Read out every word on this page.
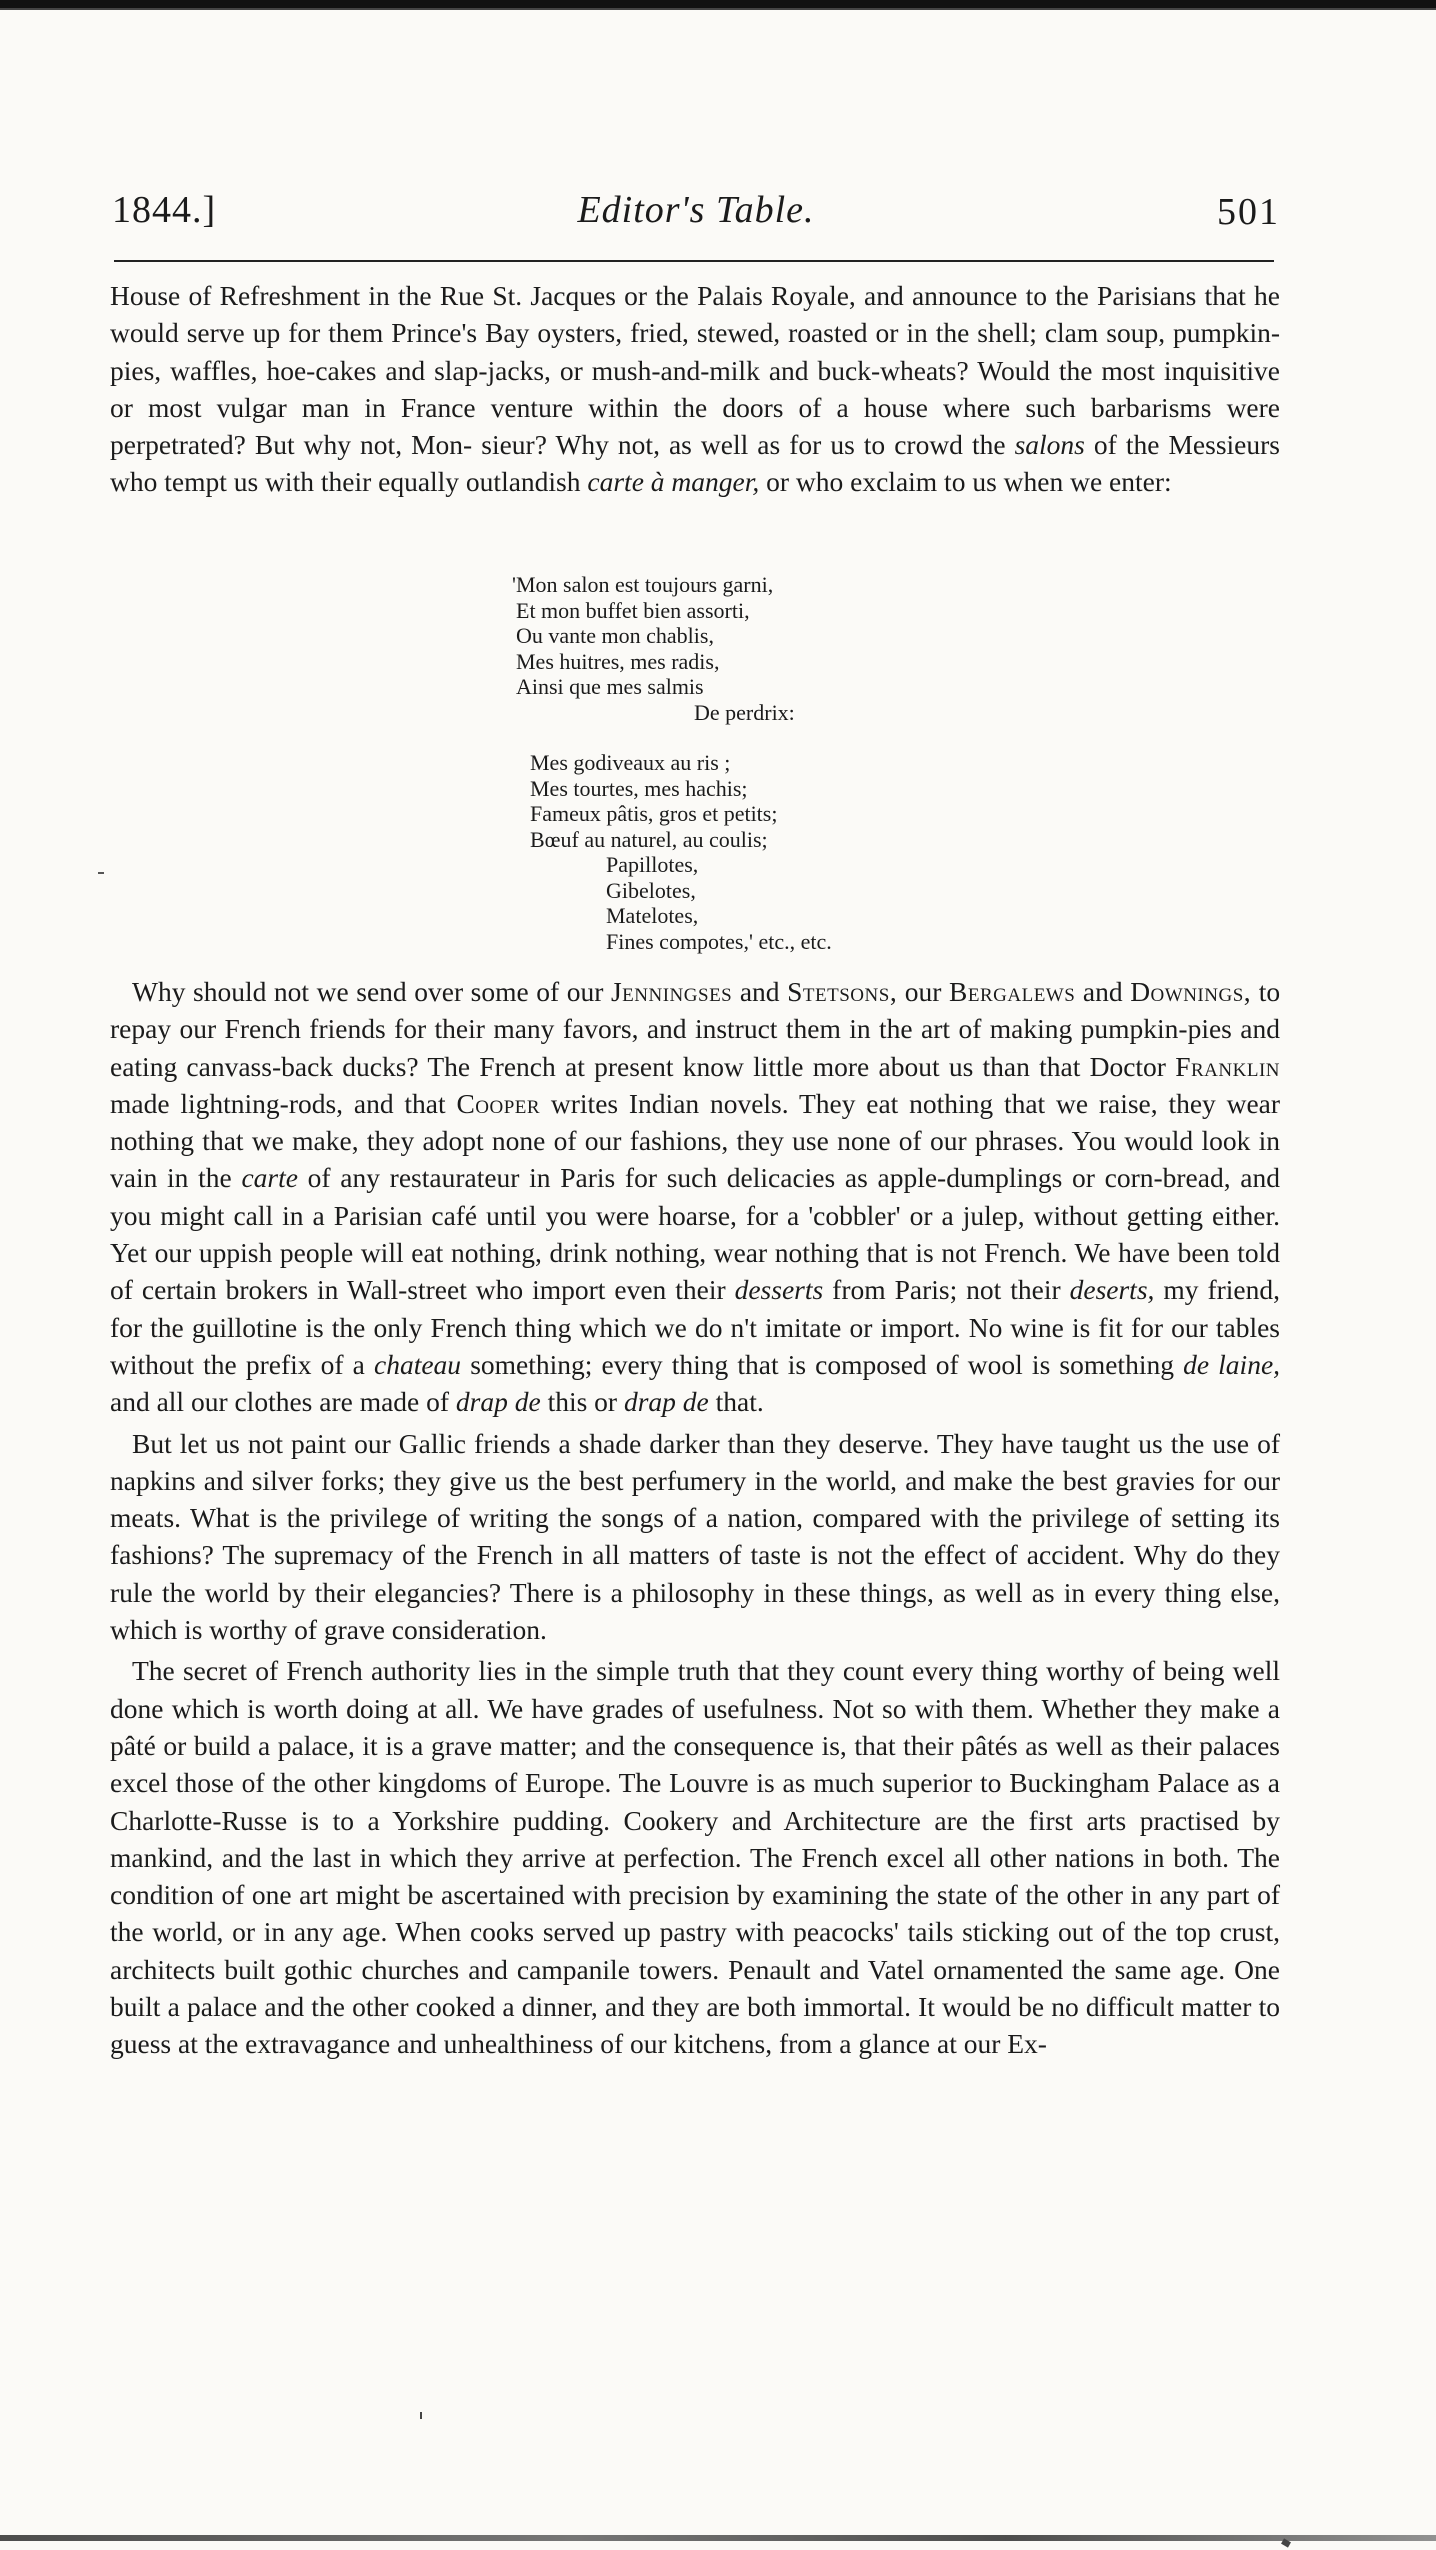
1844.]	Editor's Table.	501

House of Refreshment in the Rue St. Jacques or the Palais Royale, and announce to the Parisians that he would serve up for them Prince's Bay oysters, fried, stewed, roasted or in the shell; clam soup, pumpkin-pies, waffles, hoe-cakes and slap-jacks, or mush-and-milk and buck-wheats? Would the most inquisitive or most vulgar man in France venture within the doors of a house where such barbarisms were perpetrated? But why not, Mon- sieur? Why not, as well as for us to crowd the salons of the Messieurs who tempt us with their equally outlandish carte à manger, or who exclaim to us when we enter:

'Mon salon est toujours garni,
Et mon buffet bien assorti,
Ou vante mon chablis,
Mes huitres, mes radis,
Ainsi que mes salmis
De perdrix:
Mes godiveaux au ris ;
Mes tourtes, mes hachis;
Fameux pâtis, gros et petits;
Bœuf au naturel, au coulis;
Papillotes,
Gibelotes,
Matelotes,
Fines compotes,' etc., etc.

Why should not we send over some of our Jenningses and Stetsons, our Bergalews and Downings, to repay our French friends for their many favors, and instruct them in the art of making pumpkin-pies and eating canvass-back ducks? The French at present know little more about us than that Doctor Franklin made lightning-rods, and that Cooper writes Indian novels. They eat nothing that we raise, they wear nothing that we make, they adopt none of our fashions, they use none of our phrases. You would look in vain in the carte of any restaurateur in Paris for such delicacies as apple-dumplings or corn-bread, and you might call in a Parisian café until you were hoarse, for a 'cobbler' or a julep, without getting either. Yet our uppish people will eat nothing, drink nothing, wear nothing that is not French. We have been told of certain brokers in Wall-street who import even their desserts from Paris; not their deserts, my friend, for the guillotine is the only French thing which we do n't imitate or import. No wine is fit for our tables without the prefix of a chateau something; every thing that is composed of wool is something de laine, and all our clothes are made of drap de this or drap de that.

But let us not paint our Gallic friends a shade darker than they deserve. They have taught us the use of napkins and silver forks; they give us the best perfumery in the world, and make the best gravies for our meats. What is the privilege of writing the songs of a nation, compared with the privilege of setting its fashions? The supremacy of the French in all matters of taste is not the effect of accident. Why do they rule the world by their elegancies? There is a philosophy in these things, as well as in every thing else, which is worthy of grave consideration.

The secret of French authority lies in the simple truth that they count every thing worthy of being well done which is worth doing at all. We have grades of usefulness. Not so with them. Whether they make a pâté or build a palace, it is a grave matter; and the consequence is, that their pâtés as well as their palaces excel those of the other kingdoms of Europe. The Louvre is as much superior to Buckingham Palace as a Charlotte-Russe is to a Yorkshire pudding. Cookery and Architecture are the first arts practised by mankind, and the last in which they arrive at perfection. The French excel all other nations in both. The condition of one art might be ascertained with precision by examining the state of the other in any part of the world, or in any age. When cooks served up pastry with peacocks' tails sticking out of the top crust, architects built gothic churches and campanile towers. Penault and Vatel ornamented the same age. One built a palace and the other cooked a dinner, and they are both immortal. It would be no difficult matter to guess at the extravagance and unhealthiness of our kitchens, from a glance at our Ex-
